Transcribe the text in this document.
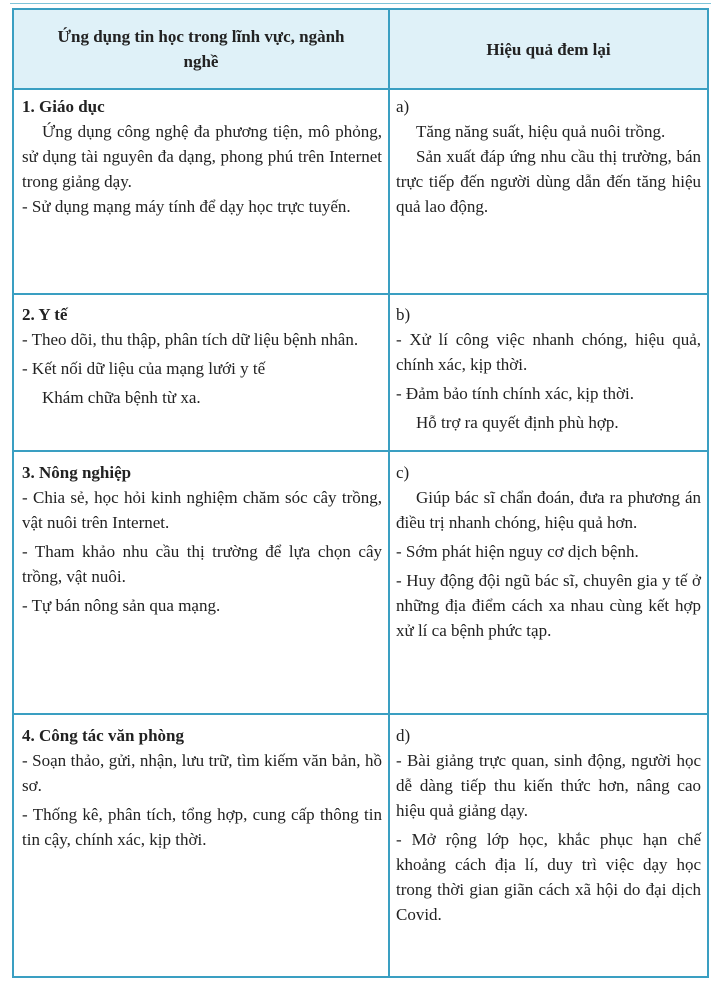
Ứng dụng tin học trong lĩnh vực, ngành nghề
Hiệu quả đem lại

1. Giáo dục

Ứng dụng công nghệ đa phương tiện, mô phỏng, sử dụng tài nguyên đa dạng, phong phú trên Internet trong giảng dạy.

- Sử dụng mạng máy tính để dạy học trực tuyến.

a)

Tăng năng suất, hiệu quả nuôi trồng.

Sản xuất đáp ứng nhu cầu thị trường, bán trực tiếp đến người dùng dẫn đến tăng hiệu quả lao động.

2. Y tế

- Theo dõi, thu thập, phân tích dữ liệu bệnh nhân.

- Kết nối dữ liệu của mạng lưới y tế

Khám chữa bệnh từ xa.

b)

- Xử lí công việc nhanh chóng, hiệu quả, chính xác, kịp thời.

- Đảm bảo tính chính xác, kịp thời.

Hỗ trợ ra quyết định phù hợp.

3. Nông nghiệp

- Chia sẻ, học hỏi kinh nghiệm chăm sóc cây trồng, vật nuôi trên Internet.

- Tham khảo nhu cầu thị trường để lựa chọn cây trồng, vật nuôi.

- Tự bán nông sản qua mạng.

c)

Giúp bác sĩ chẩn đoán, đưa ra phương án điều trị nhanh chóng, hiệu quả hơn.

- Sớm phát hiện nguy cơ dịch bệnh.

- Huy động đội ngũ bác sĩ, chuyên gia y tế ở những địa điểm cách xa nhau cùng kết hợp xử lí ca bệnh phức tạp.

4. Công tác văn phòng

- Soạn thảo, gửi, nhận, lưu trữ, tìm kiếm văn bản, hồ sơ.

- Thống kê, phân tích, tổng hợp, cung cấp thông tin tin cậy, chính xác, kịp thời.

d)

- Bài giảng trực quan, sinh động, người học dễ dàng tiếp thu kiến thức hơn, nâng cao hiệu quả giảng dạy.

- Mở rộng lớp học, khắc phục hạn chế khoảng cách địa lí, duy trì việc dạy học trong thời gian giãn cách xã hội do đại dịch Covid.
